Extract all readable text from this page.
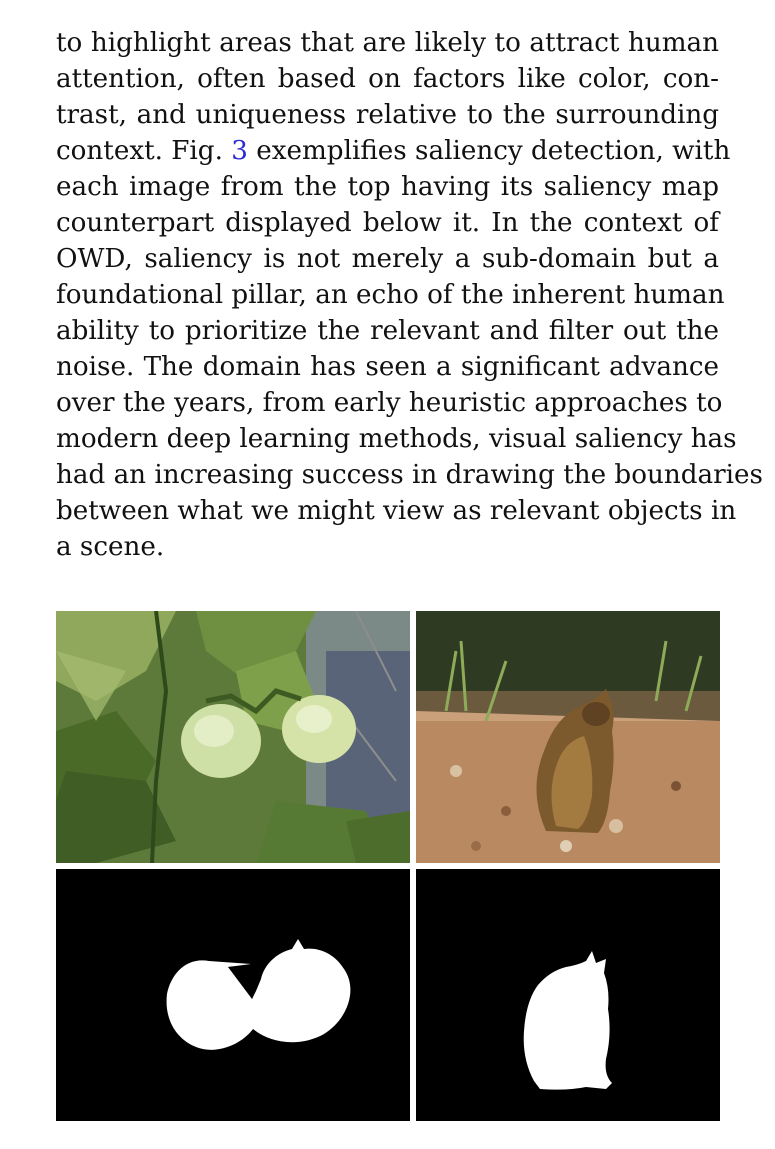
to highlight areas that are likely to attract human
attention, often based on factors like color, con-
trast, and uniqueness relative to the surrounding
context. Fig. 3 exemplifies saliency detection, with
each image from the top having its saliency map
counterpart displayed below it. In the context of
OWD, saliency is not merely a sub-domain but a
foundational pillar, an echo of the inherent human
ability to prioritize the relevant and filter out the
noise. The domain has seen a significant advance
over the years, from early heuristic approaches to
modern deep learning methods, visual saliency has
had an increasing success in drawing the boundaries
between what we might view as relevant objects in
a scene.
